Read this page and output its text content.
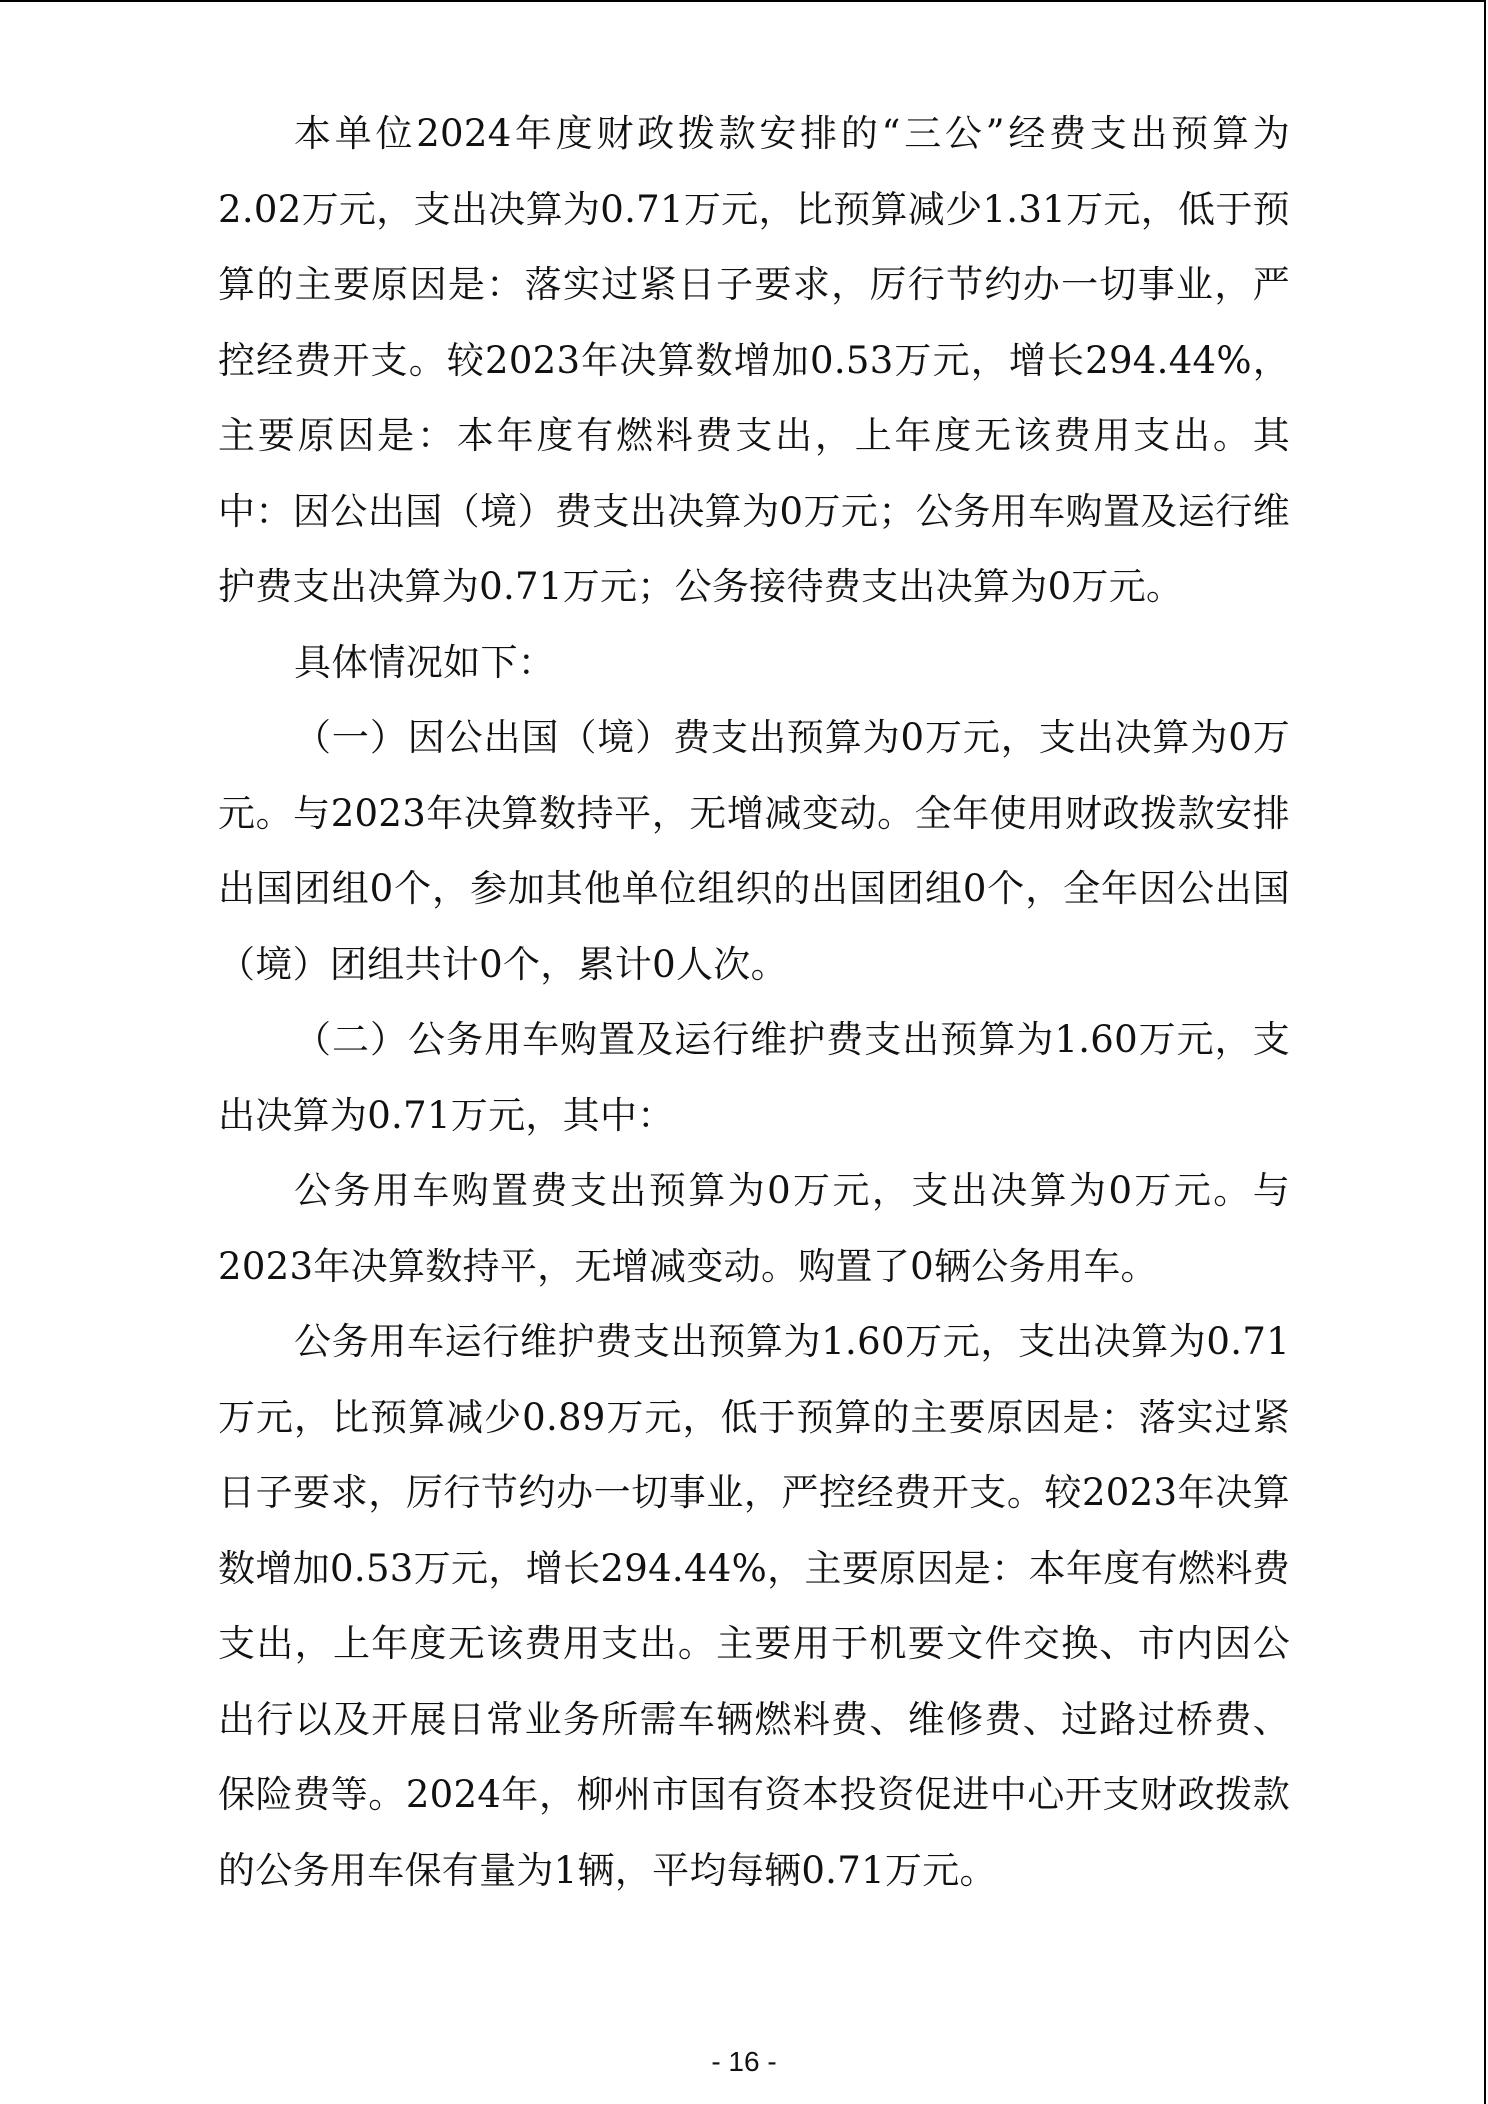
本单位2024年度财政拨款安排的“三公”经费支出预算为2.02万元，支出决算为0.71万元，比预算减少1.31万元，低于预算的主要原因是：落实过紧日子要求，厉行节约办一切事业，严控经费开支。较2023年决算数增加0.53万元，增长294.44%，主要原因是：本年度有燃料费支出，上年度无该费用支出。其中：因公出国（境）费支出决算为0万元；公务用车购置及运行维护费支出决算为0.71万元；公务接待费支出决算为0万元。

具体情况如下：

（一）因公出国（境）费支出预算为0万元，支出决算为0万元。与2023年决算数持平，无增减变动。全年使用财政拨款安排出国团组0个，参加其他单位组织的出国团组0个，全年因公出国（境）团组共计0个，累计0人次。

（二）公务用车购置及运行维护费支出预算为1.60万元，支出决算为0.71万元，其中：

公务用车购置费支出预算为0万元，支出决算为0万元。与2023年决算数持平，无增减变动。购置了0辆公务用车。

公务用车运行维护费支出预算为1.60万元，支出决算为0.71万元，比预算减少0.89万元，低于预算的主要原因是：落实过紧日子要求，厉行节约办一切事业，严控经费开支。较2023年决算数增加0.53万元，增长294.44%，主要原因是：本年度有燃料费支出，上年度无该费用支出。主要用于机要文件交换、市内因公出行以及开展日常业务所需车辆燃料费、维修费、过路过桥费、保险费等。2024年，柳州市国有资本投资促进中心开支财政拨款的公务用车保有量为1辆，平均每辆0.71万元。

- 16 -
